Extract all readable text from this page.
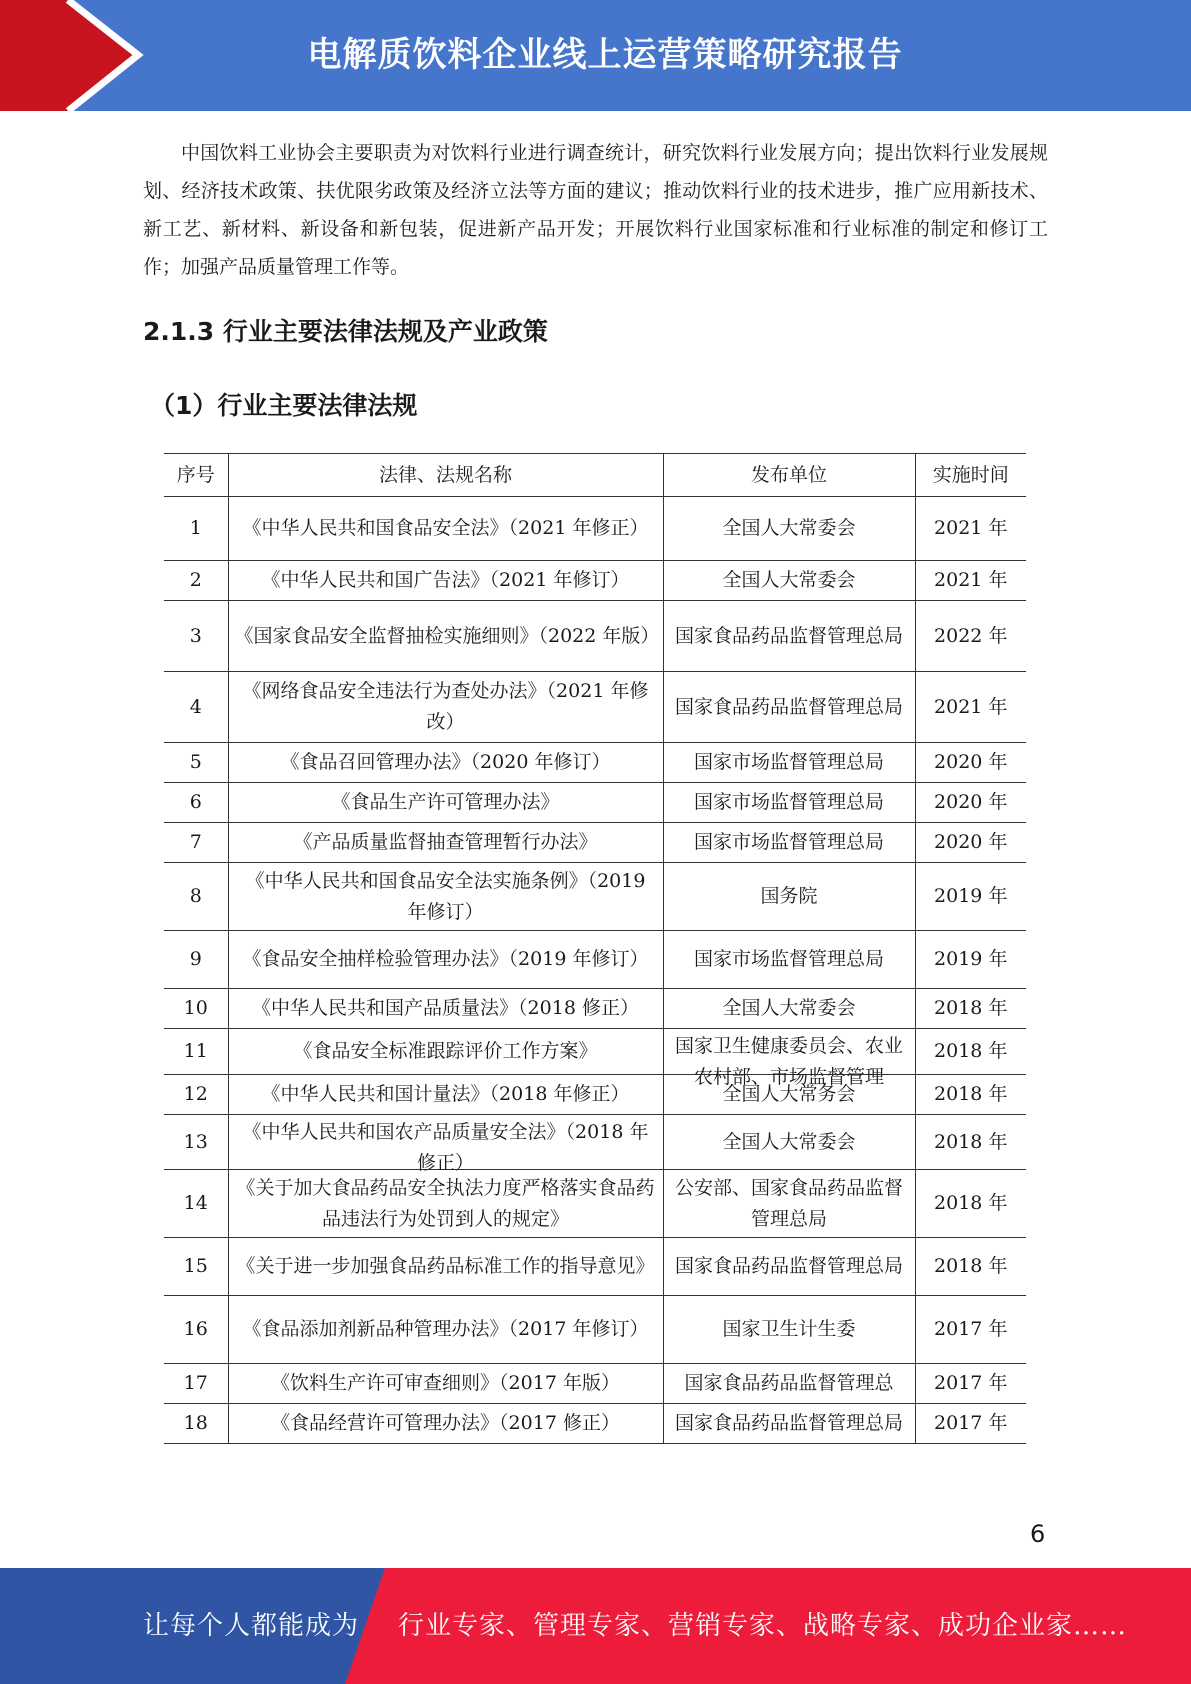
电解质饮料企业线上运营策略研究报告

中国饮料工业协会主要职责为对饮料行业进行调查统计，研究饮料行业发展方向；提出饮料行业发展规划、经济技术政策、扶优限劣政策及经济立法等方面的建议；推动饮料行业的技术进步，推广应用新技术、新工艺、新材料、新设备和新包装，促进新产品开发；开展饮料行业国家标准和行业标准的制定和修订工作；加强产品质量管理工作等。

2.1.3 行业主要法律法规及产业政策
（1）行业主要法律法规
序号	法律、法规名称	发布单位	实施时间

1	《中华人民共和国食品安全法》（2021 年修正）	全国人大常委会	2021 年

2	《中华人民共和国广告法》（2021 年修订）	全国人大常委会	2021 年

3	《国家食品安全监督抽检实施细则》（2022 年版）	国家食品药品监督管理总局	2022 年

4	《网络食品安全违法行为查处办法》（2021 年修改）	国家食品药品监督管理总局	2021 年

5	《食品召回管理办法》（2020 年修订）	国家市场监督管理总局	2020 年

6	《食品生产许可管理办法》	国家市场监督管理总局	2020 年

7	《产品质量监督抽查管理暂行办法》	国家市场监督管理总局	2020 年

8	《中华人民共和国食品安全法实施条例》（2019 年修订）	国务院	2019 年

9	《食品安全抽样检验管理办法》（2019 年修订）	国家市场监督管理总局	2019 年

10	《中华人民共和国产品质量法》（2018 修正）	全国人大常委会	2018 年

11	《食品安全标准跟踪评价工作方案》	国家卫生健康委员会、农业农村部、市场监督管理	2018 年

12	《中华人民共和国计量法》（2018 年修正）	全国人大常务会	2018 年

13	《中华人民共和国农产品质量安全法》（2018 年修正）	全国人大常委会	2018 年

14	《关于加大食品药品安全执法力度严格落实食品药品违法行为处罚到人的规定》	公安部、国家食品药品监督管理总局	2018 年

15	《关于进一步加强食品药品标准工作的指导意见》	国家食品药品监督管理总局	2018 年

16	《食品添加剂新品种管理办法》（2017 年修订）	国家卫生计生委	2017 年

17	《饮料生产许可审查细则》（2017 年版）	国家食品药品监督管理总	2017 年

18	《食品经营许可管理办法》（2017 修正）	国家食品药品监督管理总局	2017 年
6
让每个人都能成为 行业专家、管理专家、营销专家、战略专家、成功企业家……
